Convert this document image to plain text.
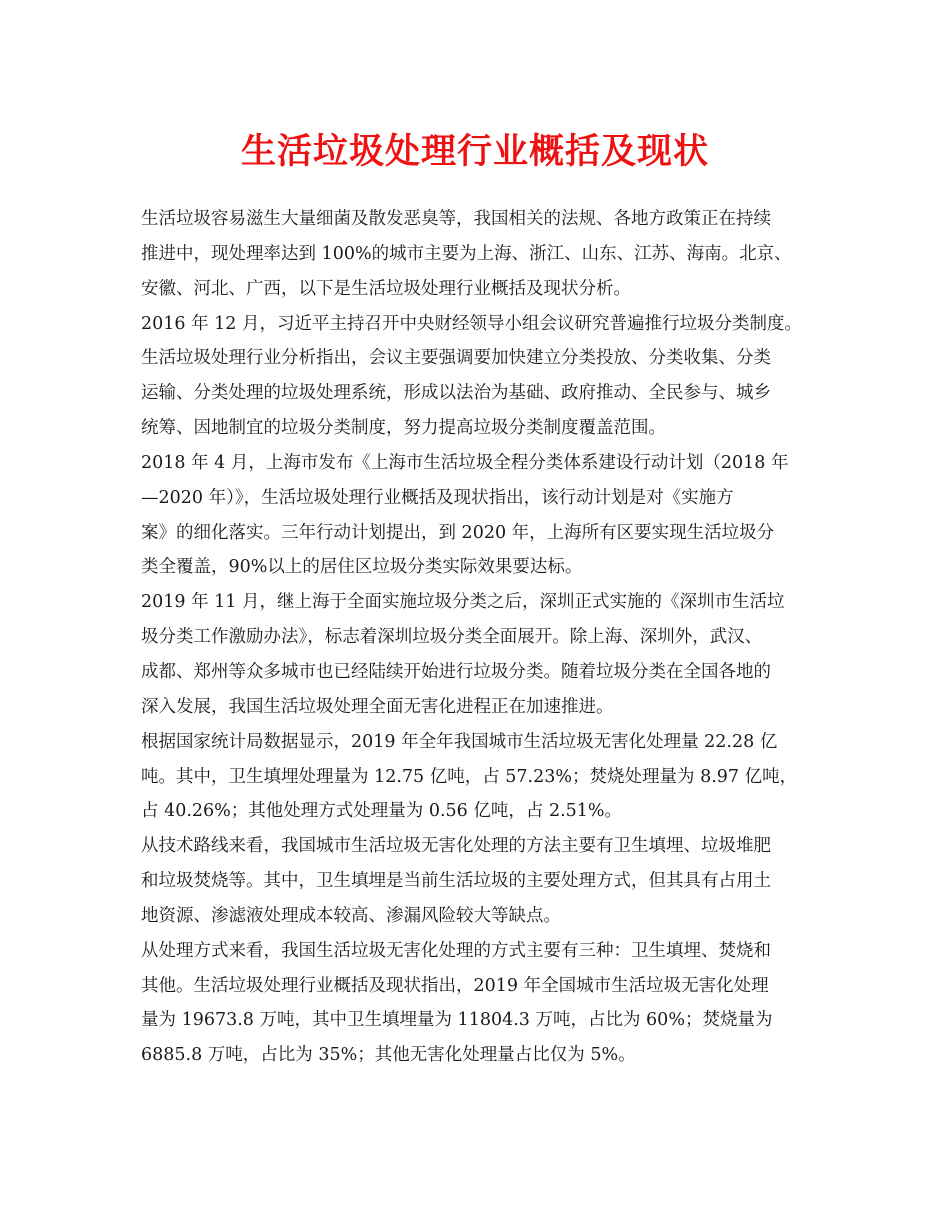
生活垃圾处理行业概括及现状
生活垃圾容易滋生大量细菌及散发恶臭等，我国相关的法规、各地方政策正在持续
推进中，现处理率达到 100%的城市主要为上海、浙江、山东、江苏、海南。北京、
安徽、河北、广西，以下是生活垃圾处理行业概括及现状分析。
2016 年 12 月，习近平主持召开中央财经领导小组会议研究普遍推行垃圾分类制度。
生活垃圾处理行业分析指出，会议主要强调要加快建立分类投放、分类收集、分类
运输、分类处理的垃圾处理系统，形成以法治为基础、政府推动、全民参与、城乡
统筹、因地制宜的垃圾分类制度，努力提高垃圾分类制度覆盖范围。
2018 年 4 月，上海市发布《上海市生活垃圾全程分类体系建设行动计划（2018 年
—2020 年）》，生活垃圾处理行业概括及现状指出，该行动计划是对《实施方
案》的细化落实。三年行动计划提出，到 2020 年，上海所有区要实现生活垃圾分
类全覆盖，90%以上的居住区垃圾分类实际效果要达标。
2019 年 11 月，继上海于全面实施垃圾分类之后，深圳正式实施的《深圳市生活垃
圾分类工作激励办法》，标志着深圳垃圾分类全面展开。除上海、深圳外，武汉、
成都、郑州等众多城市也已经陆续开始进行垃圾分类。随着垃圾分类在全国各地的
深入发展，我国生活垃圾处理全面无害化进程正在加速推进。
根据国家统计局数据显示，2019 年全年我国城市生活垃圾无害化处理量 22.28 亿
吨。其中，卫生填埋处理量为 12.75 亿吨，占 57.23%；焚烧处理量为 8.97 亿吨，
占 40.26%；其他处理方式处理量为 0.56 亿吨，占 2.51%。
从技术路线来看，我国城市生活垃圾无害化处理的方法主要有卫生填埋、垃圾堆肥
和垃圾焚烧等。其中，卫生填埋是当前生活垃圾的主要处理方式，但其具有占用土
地资源、渗滤液处理成本较高、渗漏风险较大等缺点。
从处理方式来看，我国生活垃圾无害化处理的方式主要有三种：卫生填埋、焚烧和
其他。生活垃圾处理行业概括及现状指出，2019 年全国城市生活垃圾无害化处理
量为 19673.8 万吨，其中卫生填埋量为 11804.3 万吨，占比为 60%；焚烧量为
6885.8 万吨，占比为 35%；其他无害化处理量占比仅为 5%。
